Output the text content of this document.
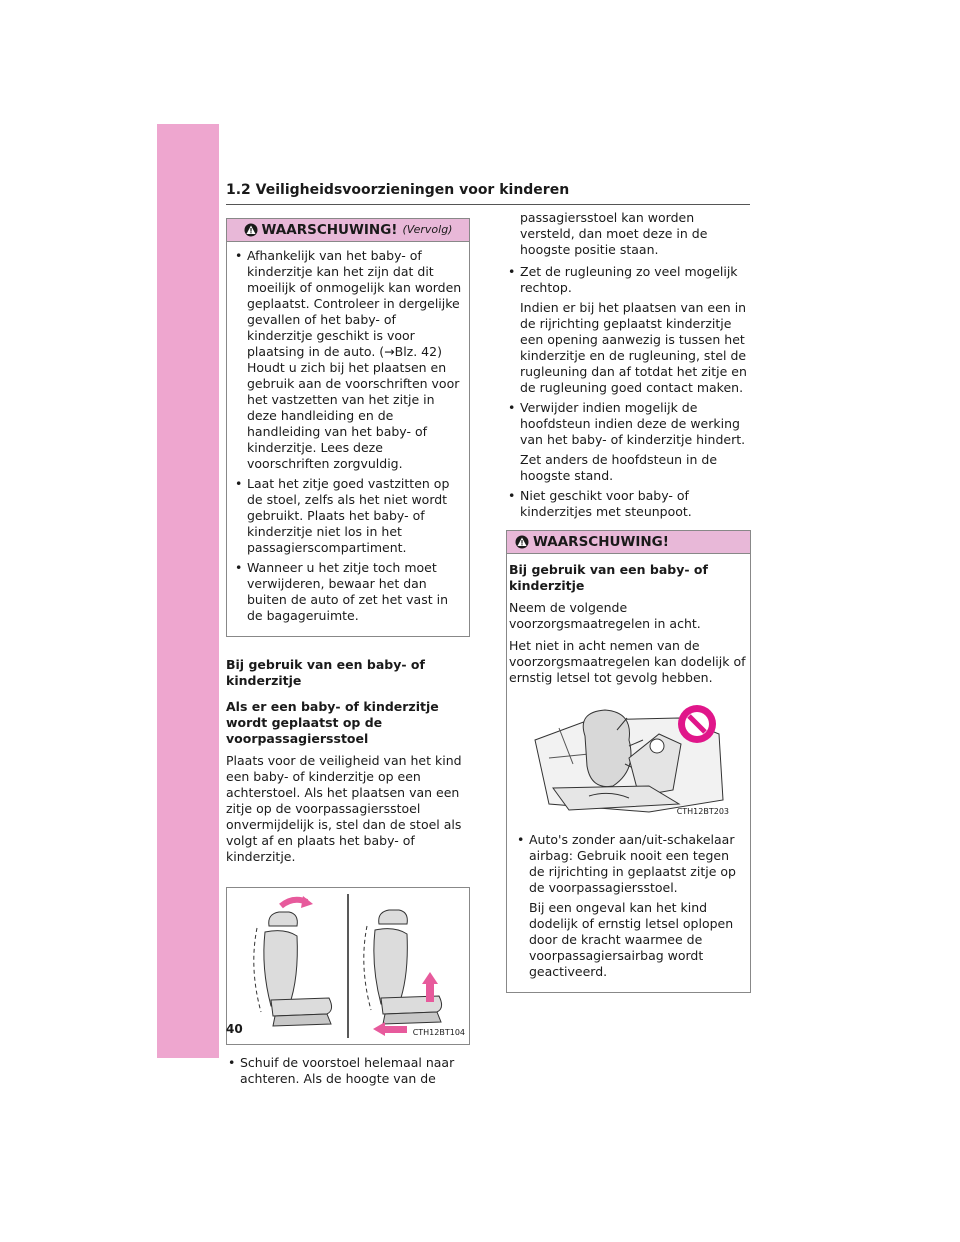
1.2 Veiligheidsvoorzieningen voor kinderen
WAARSCHUWING! (Vervolg)
• Afhankelijk van het baby- of kinderzitje kan het zijn dat dit moeilijk of onmogelijk kan worden geplaatst. Controleer in dergelijke gevallen of het baby- of kinderzitje geschikt is voor plaatsing in de auto. (→Blz. 42) Houdt u zich bij het plaatsen en gebruik aan de voorschriften voor het vastzetten van het zitje in deze handleiding en de handleiding van het baby- of kinderzitje. Lees deze voorschriften zorgvuldig.
• Laat het zitje goed vastzitten op de stoel, zelfs als het niet wordt gebruikt. Plaats het baby- of kinderzitje niet los in het passagierscompartiment.
• Wanneer u het zitje toch moet verwijderen, bewaar het dan buiten de auto of zet het vast in de bagageruimte.
Bij gebruik van een baby- of kinderzitje
Als er een baby- of kinderzitje wordt geplaatst op de voorpassagiersstoel

Plaats voor de veiligheid van het kind een baby- of kinderzitje op een achterstoel. Als het plaatsen van een zitje op de voorpassagiersstoel onvermijdelijk is, stel dan de stoel als volgt af en plaats het baby- of kinderzitje.

CTH12BT104
• Schuif de voorstoel helemaal naar achteren. Als de hoogte van de

passagiersstoel kan worden versteld, dan moet deze in de hoogste positie staan.

• Zet de rugleuning zo veel mogelijk rechtop.
Indien er bij het plaatsen van een in de rijrichting geplaatst kinderzitje een opening aanwezig is tussen het kinderzitje en de rugleuning, stel de rugleuning dan af totdat het zitje en de rugleuning goed contact maken.
• Verwijder indien mogelijk de hoofdsteun indien deze de werking van het baby- of kinderzitje hindert.
Zet anders de hoofdsteun in de hoogste stand.
• Niet geschikt voor baby- of kinderzitjes met steunpoot.
WAARSCHUWING!
Bij gebruik van een baby- of kinderzitje

Neem de volgende voorzorgsmaatregelen in acht.

Het niet in acht nemen van de voorzorgsmaatregelen kan dodelijk of ernstig letsel tot gevolg hebben.

CTH12BT203
• Auto's zonder aan/uit-schakelaar airbag: Gebruik nooit een tegen de rijrichting in geplaatst zitje op de voorpassagiersstoel.
Bij een ongeval kan het kind dodelijk of ernstig letsel oplopen door de kracht waarmee de voorpassagiersairbag wordt geactiveerd.
40
